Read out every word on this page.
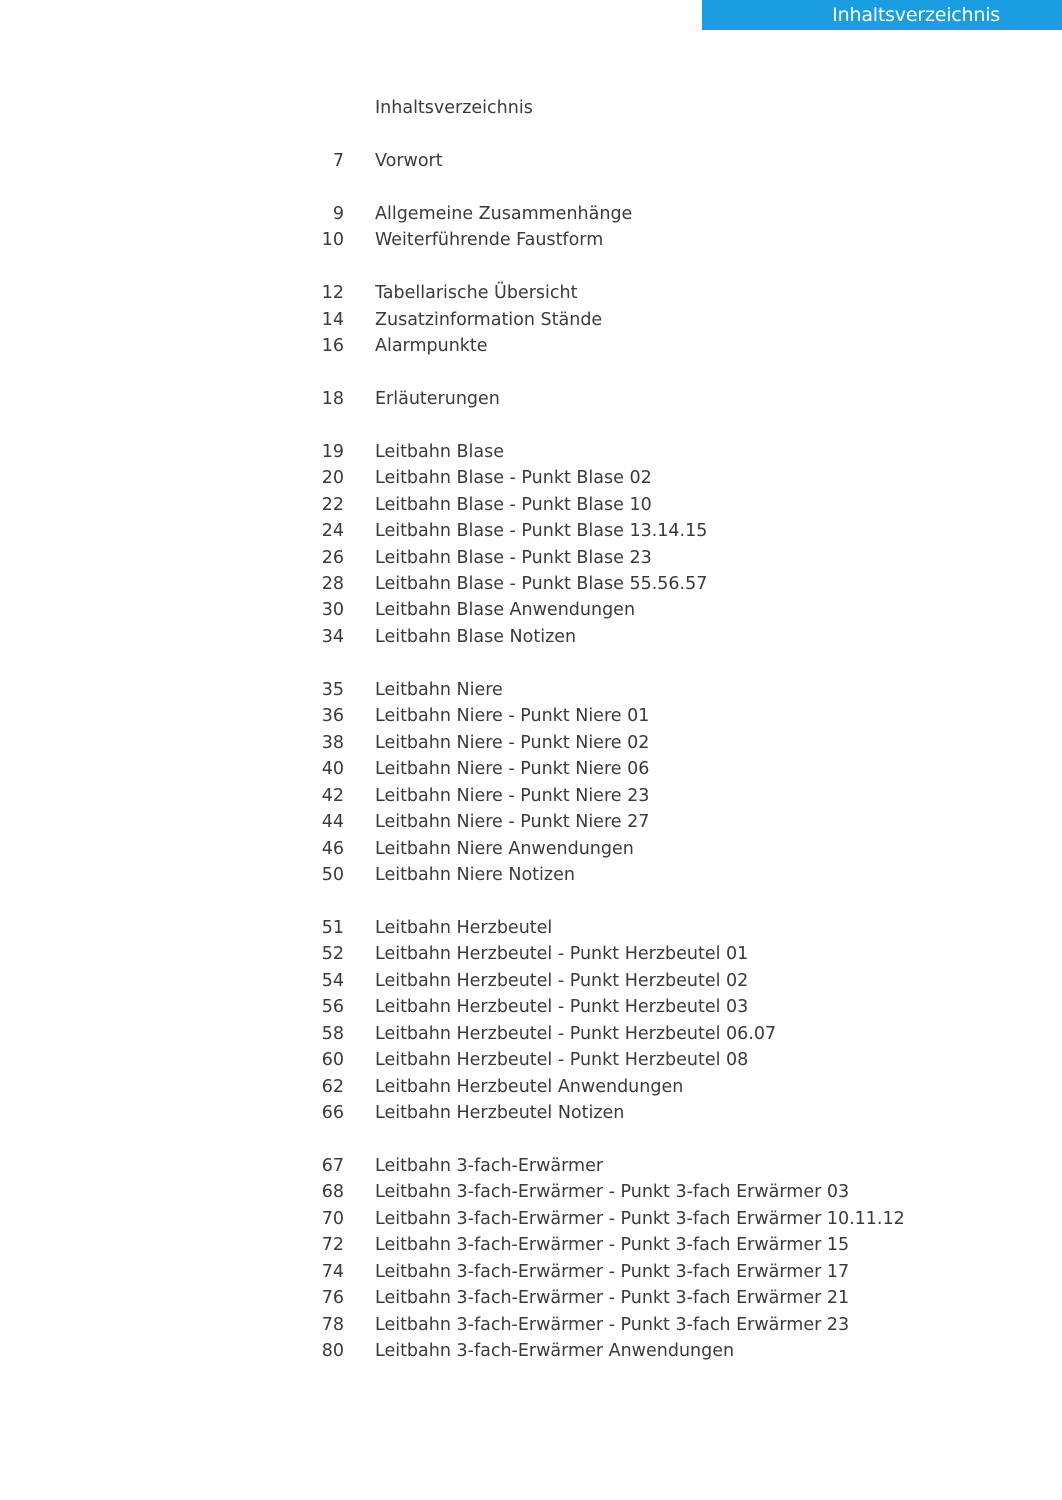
Inhaltsverzeichnis
Inhaltsverzeichnis
7 Vorwort
9 Allgemeine Zusammenhänge
10 Weiterführende Faustform
12 Tabellarische Übersicht
14 Zusatzinformation Stände
16 Alarmpunkte
18 Erläuterungen
19 Leitbahn Blase
20 Leitbahn Blase - Punkt Blase 02
22 Leitbahn Blase - Punkt Blase 10
24 Leitbahn Blase - Punkt Blase 13.14.15
26 Leitbahn Blase - Punkt Blase 23
28 Leitbahn Blase - Punkt Blase 55.56.57
30 Leitbahn Blase Anwendungen
34 Leitbahn Blase Notizen
35 Leitbahn Niere
36 Leitbahn Niere - Punkt Niere 01
38 Leitbahn Niere - Punkt Niere 02
40 Leitbahn Niere - Punkt Niere 06
42 Leitbahn Niere - Punkt Niere 23
44 Leitbahn Niere - Punkt Niere 27
46 Leitbahn Niere Anwendungen
50 Leitbahn Niere Notizen
51 Leitbahn Herzbeutel
52 Leitbahn Herzbeutel - Punkt Herzbeutel 01
54 Leitbahn Herzbeutel - Punkt Herzbeutel 02
56 Leitbahn Herzbeutel - Punkt Herzbeutel 03
58 Leitbahn Herzbeutel - Punkt Herzbeutel 06.07
60 Leitbahn Herzbeutel - Punkt Herzbeutel 08
62 Leitbahn Herzbeutel Anwendungen
66 Leitbahn Herzbeutel Notizen
67 Leitbahn 3-fach-Erwärmer
68 Leitbahn 3-fach-Erwärmer - Punkt 3-fach Erwärmer 03
70 Leitbahn 3-fach-Erwärmer - Punkt 3-fach Erwärmer 10.11.12
72 Leitbahn 3-fach-Erwärmer - Punkt 3-fach Erwärmer 15
74 Leitbahn 3-fach-Erwärmer - Punkt 3-fach Erwärmer 17
76 Leitbahn 3-fach-Erwärmer - Punkt 3-fach Erwärmer 21
78 Leitbahn 3-fach-Erwärmer - Punkt 3-fach Erwärmer 23
80 Leitbahn 3-fach-Erwärmer Anwendungen
